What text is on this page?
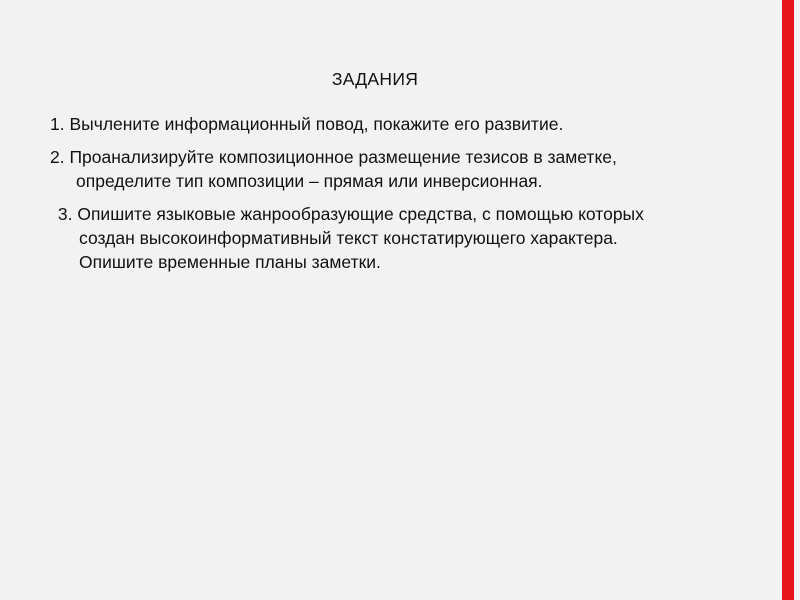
ЗАДАНИЯ
1. Вычлените информационный повод, покажите его развитие.
2. Проанализируйте композиционное размещение тезисов в заметке, определите тип композиции – прямая или инверсионная.
3. Опишите языковые жанрообразующие средства, с помощью которых создан высокоинформативный текст констатирующего характера. Опишите временные планы заметки.
